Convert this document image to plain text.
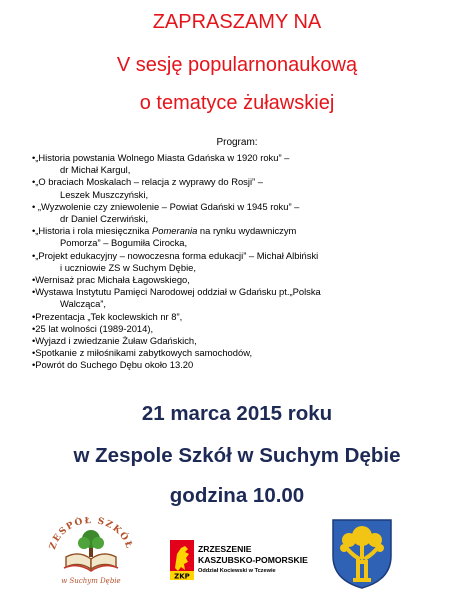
ZAPRASZAMY NA
V sesję popularnonaukową
o tematyce żuławskiej
Program:
•„Historia powstania Wolnego Miasta Gdańska w 1920 roku” –
dr Michał Kargul,
•„O braciach Moskalach – relacja z wyprawy do Rosji” –
Leszek Muszczyński,
• „Wyzwolenie czy zniewolenie – Powiat Gdański w 1945 roku” –
dr Daniel Czerwiński,
•„Historia i rola miesięcznika Pomerania na rynku wydawniczym
Pomorza” – Bogumiła Cirocka,
•„Projekt edukacyjny – nowoczesna forma edukacji” – Michał Albiński
i uczniowie ZS w Suchym Dębie,
•Wernisaż prac Michała Łagowskiego,
•Wystawa Instytutu Pamięci Narodowej oddział w Gdańsku pt.„Polska
Walcząca”,
•Prezentacja „Tek koclewskich nr 8”,
•25 lat wolności (1989-2014),
•Wyjazd i zwiedzanie Żuław Gdańskich,
•Spotkanie z miłośnikami zabytkowych samochodów,
•Powrót do Suchego Dębu około 13.20
21 marca 2015 roku
w Zespole Szkół w Suchym Dębie
godzina 10.00
ZESPÓŁ SZKÓŁ
w Suchym Dębie
ZKP
ZRZESZENIE
KASZUBSKO-POMORSKIE
Oddział Kociewski w Tczewie
